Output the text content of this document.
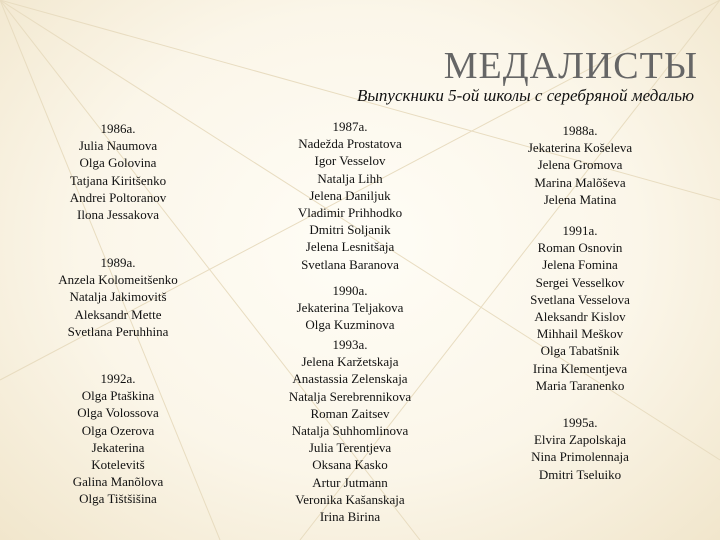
МЕДАЛИСТЫ
Выпускники 5-ой школы с серебряной медалью
1986a.
Julia Naumova
Olga Golovina
Tatjana Kiritšenko
Andrei Poltoranov
Ilona Jessakova
1989a.
Anzela Kolomeitšenko
Natalja Jakimovitš
Aleksandr Mette
Svetlana Peruhhina
1992a.
Olga Ptaškina
Olga Volossova
Olga Ozerova
Jekaterina
Kotelevitš
Galina Manõlova
Olga Tištšišina
1987a.
Nadežda Prostatova
Igor Vesselov
Natalja Lihh
Jelena Daniljuk
Vladimir Prihhodko
Dmitri Soljanik
Jelena Lesnitšaja
Svetlana Baranova
1990a.
Jekaterina Teljakova
Olga Kuzminova
1993a.
Jelena Karžetskaja
Anastassia Zelenskaja
Natalja Serebrennikova
Roman Zaitsev
Natalja Suhhomlinova
Julia Terentjeva
Oksana Kasko
Artur Jutmann
Veronika Kašanskaja
Irina Birina
1988a.
Jekaterina Košeleva
Jelena Gromova
Marina Malõševa
Jelena Matina
1991a.
Roman Osnovin
Jelena Fomina
Sergei Vesselkov
Svetlana Vesselova
Aleksandr Kislov
Mihhail Meškov
Olga Tabatšnik
Irina Klementjeva
Maria Taranenko
1995a.
Elvira Zapolskaja
Nina Primolennaja
Dmitri Tseluiko
